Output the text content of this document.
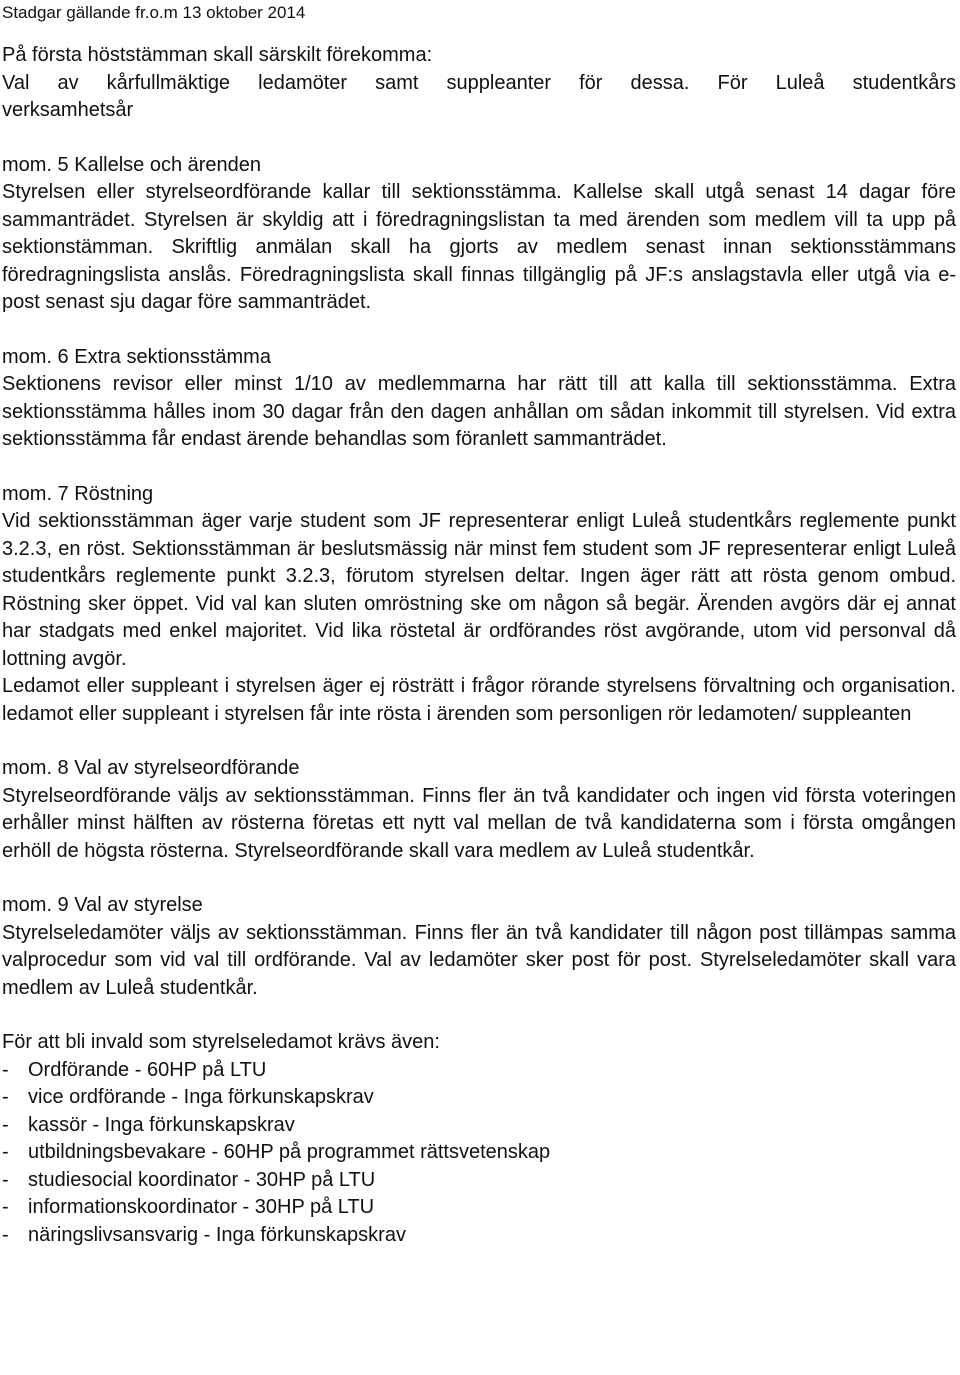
Stadgar gällande fr.o.m 13 oktober 2014
På första höststämman skall särskilt förekomma:

Val av kårfullmäktige ledamöter samt suppleanter för dessa. För Luleå studentkårs

verksamhetsår
mom. 5 Kallelse och ärenden

Styrelsen eller styrelseordförande kallar till sektionsstämma. Kallelse skall utgå senast 14 dagar före sammanträdet. Styrelsen är skyldig att i föredragningslistan ta med ärenden som medlem vill ta upp på sektionstämman. Skriftlig anmälan skall ha gjorts av medlem senast innan sektionsstämmans föredragningslista anslås. Föredragningslista skall finnas tillgänglig på JF:s anslagstavla eller utgå via e-post senast sju dagar före sammanträdet.

mom. 6 Extra sektionsstämma

Sektionens revisor eller minst 1/10 av medlemmarna har rätt till att kalla till sektionsstämma. Extra sektionsstämma hålles inom 30 dagar från den dagen anhållan om sådan inkommit till styrelsen. Vid extra sektionsstämma får endast ärende behandlas som föranlett sammanträdet.

mom. 7 Röstning

Vid sektionsstämman äger varje student som JF representerar enligt Luleå studentkårs reglemente punkt 3.2.3, en röst. Sektionsstämman är beslutsmässig när minst fem student som JF representerar enligt Luleå studentkårs reglemente punkt 3.2.3, förutom styrelsen deltar. Ingen äger rätt att rösta genom ombud. Röstning sker öppet. Vid val kan sluten omröstning ske om någon så begär. Ärenden avgörs där ej annat har stadgats med enkel majoritet. Vid lika röstetal är ordförandes röst avgörande, utom vid personval då lottning avgör.

Ledamot eller suppleant i styrelsen äger ej rösträtt i frågor rörande styrelsens förvaltning och organisation. ledamot eller suppleant i styrelsen får inte rösta i ärenden som personligen rör ledamoten/ suppleanten

mom. 8 Val av styrelseordförande

Styrelseordförande väljs av sektionsstämman. Finns fler än två kandidater och ingen vid första voteringen erhåller minst hälften av rösterna företas ett nytt val mellan de två kandidaterna som i första omgången erhöll de högsta rösterna. Styrelseordförande skall vara medlem av Luleå studentkår.

mom. 9 Val av styrelse

Styrelseledamöter väljs av sektionsstämman. Finns fler än två kandidater till någon post tillämpas samma valprocedur som vid val till ordförande. Val av ledamöter sker post för post. Styrelseledamöter skall vara medlem av Luleå studentkår.

För att bli invald som styrelseledamot krävs även:
- Ordförande - 60HP på LTU
- vice ordförande - Inga förkunskapskrav
- kassör - Inga förkunskapskrav
- utbildningsbevakare - 60HP på programmet rättsvetenskap
- studiesocial koordinator - 30HP på LTU
- informationskoordinator - 30HP på LTU
- näringslivsansvarig - Inga förkunskapskrav
